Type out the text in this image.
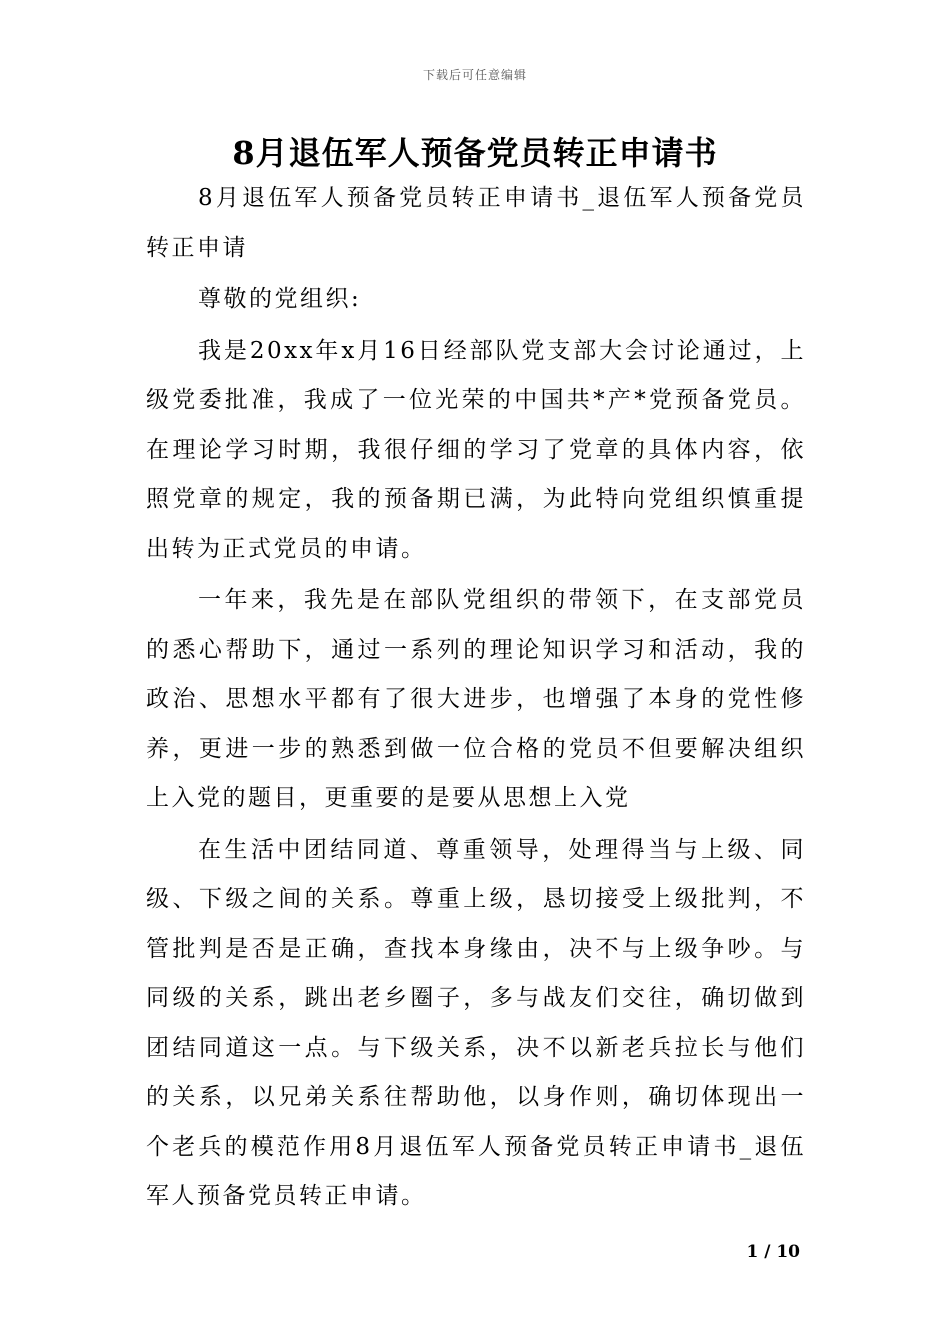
下载后可任意编辑
8月退伍军人预备党员转正申请书

8月退伍军人预备党员转正申请书_退伍军人预备党员转正申请

尊敬的党组织:

我是20xx年x月16日经部队党支部大会讨论通过，上级党委批准，我成了一位光荣的中国共*产*党预备党员。在理论学习时期，我很仔细的学习了党章的具体内容，依照党章的规定，我的预备期已满，为此特向党组织慎重提出转为正式党员的申请。

一年来，我先是在部队党组织的带领下，在支部党员的悉心帮助下，通过一系列的理论知识学习和活动，我的政治、思想水平都有了很大进步，也增强了本身的党性修养，更进一步的熟悉到做一位合格的党员不但要解决组织上入党的题目，更重要的是要从思想上入党

在生活中团结同道、尊重领导，处理得当与上级、同级、下级之间的关系。尊重上级，恳切接受上级批判，不管批判是否是正确，查找本身缘由，决不与上级争吵。与同级的关系，跳出老乡圈子，多与战友们交往，确切做到团结同道这一点。与下级关系，决不以新老兵拉长与他们的关系，以兄弟关系往帮助他，以身作则，确切体现出一个老兵的模范作用8月退伍军人预备党员转正申请书_退伍军人预备党员转正申请。

1 / 10
